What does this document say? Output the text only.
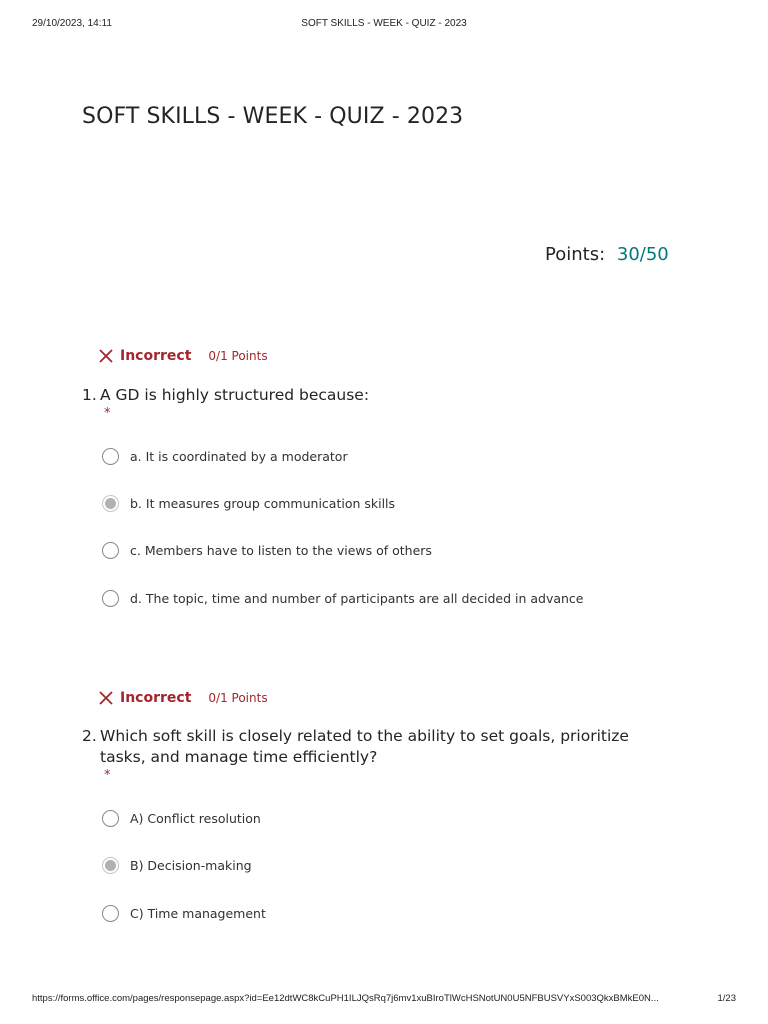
29/10/2023, 14:11	SOFT SKILLS - WEEK - QUIZ - 2023
SOFT SKILLS - WEEK - QUIZ - 2023
Points: 30/50
Incorrect 0/1 Points
1. A GD is highly structured because:
*
a. It is coordinated by a moderator
b. It measures group communication skills
c. Members have to listen to the views of others
d. The topic, time and number of participants are all decided in advance
Incorrect 0/1 Points
2. Which soft skill is closely related to the ability to set goals, prioritize tasks, and manage time efficiently?
*
A) Conflict resolution
B) Decision-making
C) Time management
https://forms.office.com/pages/responsepage.aspx?id=Ee12dtWC8kCuPH1ILJQsRq7j6mv1xuBIroTlWcHSNotUN0U5NFBUSVYxS003QkxBMkE0N...	1/23
